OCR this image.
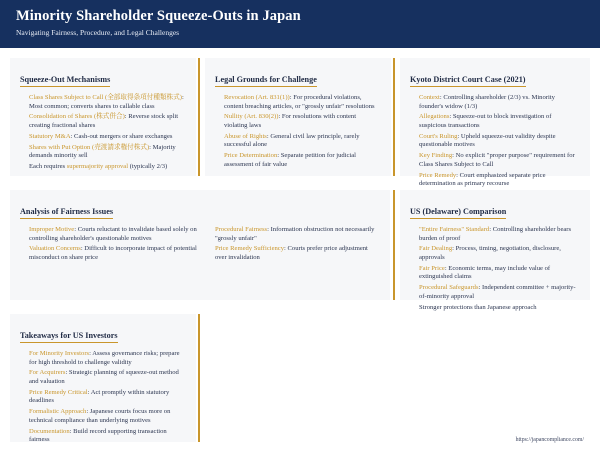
Minority Shareholder Squeeze-Outs in Japan
Navigating Fairness, Procedure, and Legal Challenges
Squeeze-Out Mechanisms
Class Shares Subject to Call (全部取得条項付種類株式): Most common; converts shares to callable class
Consolidation of Shares (株式併合): Reverse stock split creating fractional shares
Statutory M&A: Cash-out mergers or share exchanges
Shares with Put Option (売渡請求権付株式): Majority demands minority sell
Each requires supermajority approval (typically 2/3)
Legal Grounds for Challenge
Revocation (Art. 831(1)): For procedural violations, content breaching articles, or "grossly unfair" resolutions
Nullity (Art. 830(2)): For resolutions with content violating laws
Abuse of Rights: General civil law principle, rarely successful alone
Price Determination: Separate petition for judicial assessment of fair value
Kyoto District Court Case (2021)
Context: Controlling shareholder (2/3) vs. Minority founder's widow (1/3)
Allegations: Squeeze-out to block investigation of suspicious transactions
Court's Ruling: Upheld squeeze-out validity despite questionable motives
Key Finding: No explicit "proper purpose" requirement for Class Shares Subject to Call
Price Remedy: Court emphasized separate price determination as primary recourse
Analysis of Fairness Issues
Improper Motive: Courts reluctant to invalidate based solely on controlling shareholder's questionable motives
Valuation Concerns: Difficult to incorporate impact of potential misconduct on share price
Procedural Fairness: Information obstruction not necessarily "grossly unfair"
Price Remedy Sufficiency: Courts prefer price adjustment over invalidation
US (Delaware) Comparison
"Entire Fairness" Standard: Controlling shareholder bears burden of proof
Fair Dealing: Process, timing, negotiation, disclosure, approvals
Fair Price: Economic terms, may include value of extinguished claims
Procedural Safeguards: Independent committee + majority-of-minority approval
Stronger protections than Japanese approach
Takeaways for US Investors
For Minority Investors: Assess governance risks; prepare for high threshold to challenge validity
For Acquirers: Strategic planning of squeeze-out method and valuation
Price Remedy Critical: Act promptly within statutory deadlines
Formalistic Approach: Japanese courts focus more on technical compliance than underlying motives
Documentation: Build record supporting transaction fairness	https://japancompliance.com/
